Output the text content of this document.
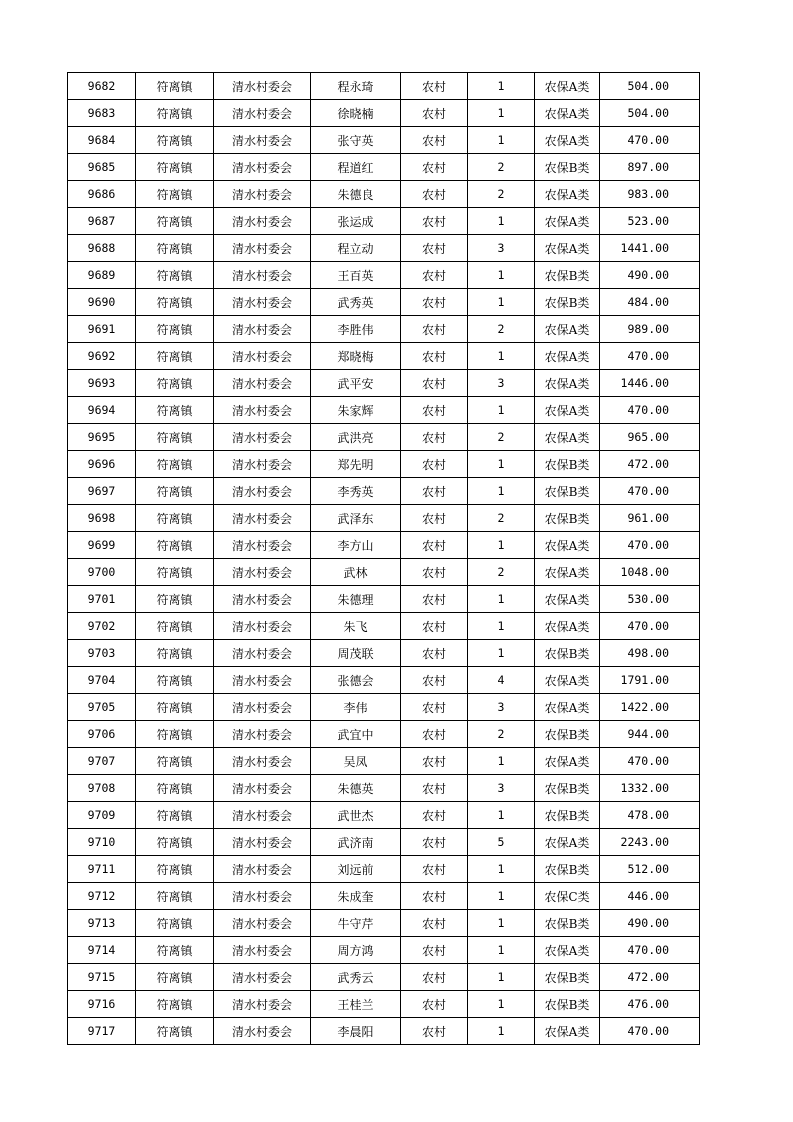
9682	符离镇	清水村委会	程永琦	农村	1	农保A类	504.00
9683	符离镇	清水村委会	徐晓楠	农村	1	农保A类	504.00
9684	符离镇	清水村委会	张守英	农村	1	农保A类	470.00
9685	符离镇	清水村委会	程道红	农村	2	农保B类	897.00
9686	符离镇	清水村委会	朱德良	农村	2	农保A类	983.00
9687	符离镇	清水村委会	张运成	农村	1	农保A类	523.00
9688	符离镇	清水村委会	程立动	农村	3	农保A类	1441.00
9689	符离镇	清水村委会	王百英	农村	1	农保B类	490.00
9690	符离镇	清水村委会	武秀英	农村	1	农保B类	484.00
9691	符离镇	清水村委会	李胜伟	农村	2	农保A类	989.00
9692	符离镇	清水村委会	郑晓梅	农村	1	农保A类	470.00
9693	符离镇	清水村委会	武平安	农村	3	农保A类	1446.00
9694	符离镇	清水村委会	朱家辉	农村	1	农保A类	470.00
9695	符离镇	清水村委会	武洪亮	农村	2	农保A类	965.00
9696	符离镇	清水村委会	郑先明	农村	1	农保B类	472.00
9697	符离镇	清水村委会	李秀英	农村	1	农保B类	470.00
9698	符离镇	清水村委会	武泽东	农村	2	农保B类	961.00
9699	符离镇	清水村委会	李方山	农村	1	农保A类	470.00
9700	符离镇	清水村委会	武林	农村	2	农保A类	1048.00
9701	符离镇	清水村委会	朱德理	农村	1	农保A类	530.00
9702	符离镇	清水村委会	朱飞	农村	1	农保A类	470.00
9703	符离镇	清水村委会	周茂联	农村	1	农保B类	498.00
9704	符离镇	清水村委会	张德会	农村	4	农保A类	1791.00
9705	符离镇	清水村委会	李伟	农村	3	农保A类	1422.00
9706	符离镇	清水村委会	武宜中	农村	2	农保B类	944.00
9707	符离镇	清水村委会	吴凤	农村	1	农保A类	470.00
9708	符离镇	清水村委会	朱德英	农村	3	农保B类	1332.00
9709	符离镇	清水村委会	武世杰	农村	1	农保B类	478.00
9710	符离镇	清水村委会	武济南	农村	5	农保A类	2243.00
9711	符离镇	清水村委会	刘远前	农村	1	农保B类	512.00
9712	符离镇	清水村委会	朱成奎	农村	1	农保C类	446.00
9713	符离镇	清水村委会	牛守芹	农村	1	农保B类	490.00
9714	符离镇	清水村委会	周方鸿	农村	1	农保A类	470.00
9715	符离镇	清水村委会	武秀云	农村	1	农保B类	472.00
9716	符离镇	清水村委会	王桂兰	农村	1	农保B类	476.00
9717	符离镇	清水村委会	李晨阳	农村	1	农保A类	470.00
